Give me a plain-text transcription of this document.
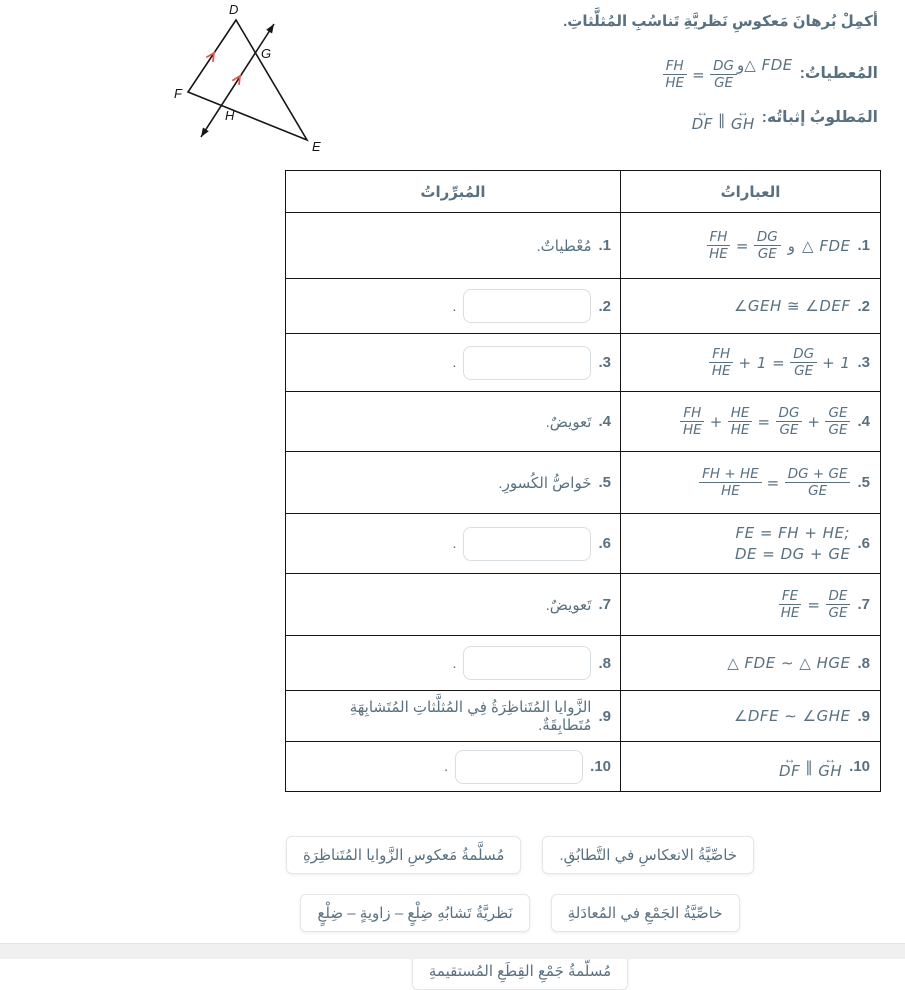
D
F
E
G
H
أكمِلْ بُرهانَ مَعكوسِ نَظريَّةِ تَناسُبِ المُثلَّثاتِ.
المُعطياتُ:
△ FDE
و
$\frac{FH}{HE} = \frac{DG}{GE}$
المَطلوبُ إثباتُه:
↔
DF ∥ ↔
GH
العباراتُ	المُبرِّراتُ

1.
△ FDE
و
$\frac{FH}{HE} = \frac{DG}{GE}$

1.
مُعْطياتٌ.

2.
∠GEH ≅ ∠DEF	2.
.

3.
$\frac{FH}{HE} + 1 = \frac{DG}{GE} + 1$

3.
.

4.
$\frac{FH}{HE} + \frac{HE}{HE} = \frac{DG}{GE} + \frac{GE}{GE}$

4.
تَعويضٌ.

5.
$\frac{FH + HE}{HE} = \frac{DG + GE}{GE}$

5.
خَواصُّ الكُسورِ.

6.
FE = FH + HE;
DE = DG + GE	6.
.

7.
$\frac{FE}{HE} = \frac{DE}{GE}$

7.
تَعويضٌ.

8.
△ FDE ∼ △ HGE	8.
.

9.
∠DFE ∼ ∠GHE	9.
الزَّوايا المُتَناظِرَةُ فِي المُثلَّثاتِ المُتَشابِهَةِ مُتَطابِقَةٌ.

10.
↔
DF ∥ ↔
GH

10.
.
خاصِّيَّةُ الانعكاسِ في التَّطابُقِ.
مُسلَّمةُ مَعكوسِ الزَّوايا المُتَناظِرَةِ
خاصِّيَّةُ الجَمْعِ في المُعادَلةِ
نَظريَّةُ تَشابُهِ ضِلْعٍ – زاويةٍ – ضِلْعٍ
مُسلَّمةُ جَمْعِ القِطَعِ المُستقيمةِ
